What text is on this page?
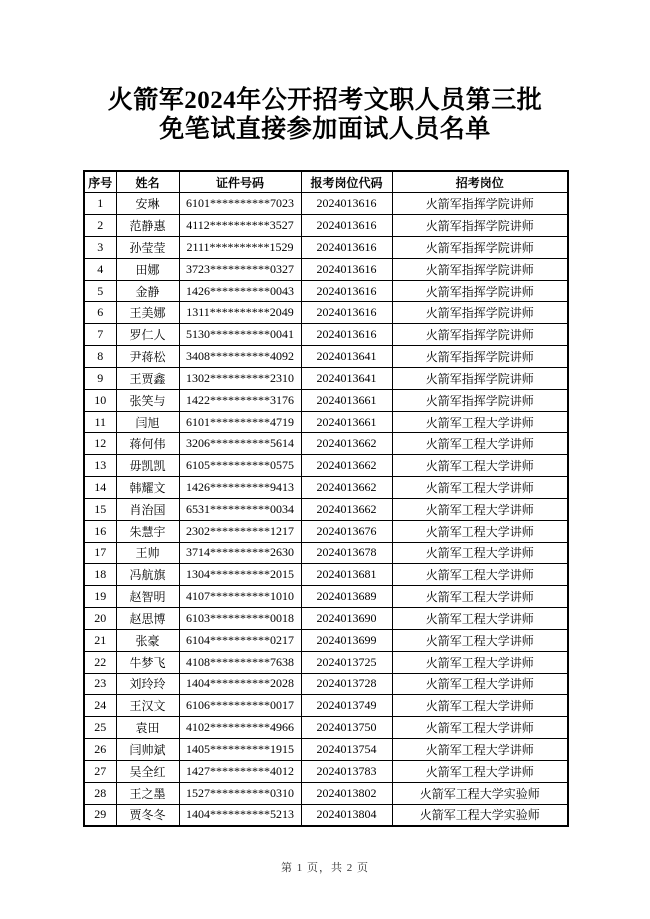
火箭军2024年公开招考文职人员第三批
免笔试直接参加面试人员名单
序号	姓名	证件号码	报考岗位代码	招考岗位
1	安琳	6101**********7023	2024013616	火箭军指挥学院讲师
2	范静惠	4112**********3527	2024013616	火箭军指挥学院讲师
3	孙莹莹	2111**********1529	2024013616	火箭军指挥学院讲师
4	田娜	3723**********0327	2024013616	火箭军指挥学院讲师
5	金静	1426**********0043	2024013616	火箭军指挥学院讲师
6	王美娜	1311**********2049	2024013616	火箭军指挥学院讲师
7	罗仁人	5130**********0041	2024013616	火箭军指挥学院讲师
8	尹蒋松	3408**********4092	2024013641	火箭军指挥学院讲师
9	王贾鑫	1302**********2310	2024013641	火箭军指挥学院讲师
10	张笑与	1422**********3176	2024013661	火箭军指挥学院讲师
11	闫旭	6101**********4719	2024013661	火箭军工程大学讲师
12	蒋何伟	3206**********5614	2024013662	火箭军工程大学讲师
13	毋凯凯	6105**********0575	2024013662	火箭军工程大学讲师
14	韩耀文	1426**********9413	2024013662	火箭军工程大学讲师
15	肖治国	6531**********0034	2024013662	火箭军工程大学讲师
16	朱慧宇	2302**********1217	2024013676	火箭军工程大学讲师
17	王帅	3714**********2630	2024013678	火箭军工程大学讲师
18	冯航旗	1304**********2015	2024013681	火箭军工程大学讲师
19	赵智明	4107**********1010	2024013689	火箭军工程大学讲师
20	赵思博	6103**********0018	2024013690	火箭军工程大学讲师
21	张豪	6104**********0217	2024013699	火箭军工程大学讲师
22	牛梦飞	4108**********7638	2024013725	火箭军工程大学讲师
23	刘玲玲	1404**********2028	2024013728	火箭军工程大学讲师
24	王汉文	6106**********0017	2024013749	火箭军工程大学讲师
25	袁田	4102**********4966	2024013750	火箭军工程大学讲师
26	闫帅斌	1405**********1915	2024013754	火箭军工程大学讲师
27	吴全红	1427**********4012	2024013783	火箭军工程大学讲师
28	王之墨	1527**********0310	2024013802	火箭军工程大学实验师
29	贾冬冬	1404**********5213	2024013804	火箭军工程大学实验师
第 1 页，共 2 页
